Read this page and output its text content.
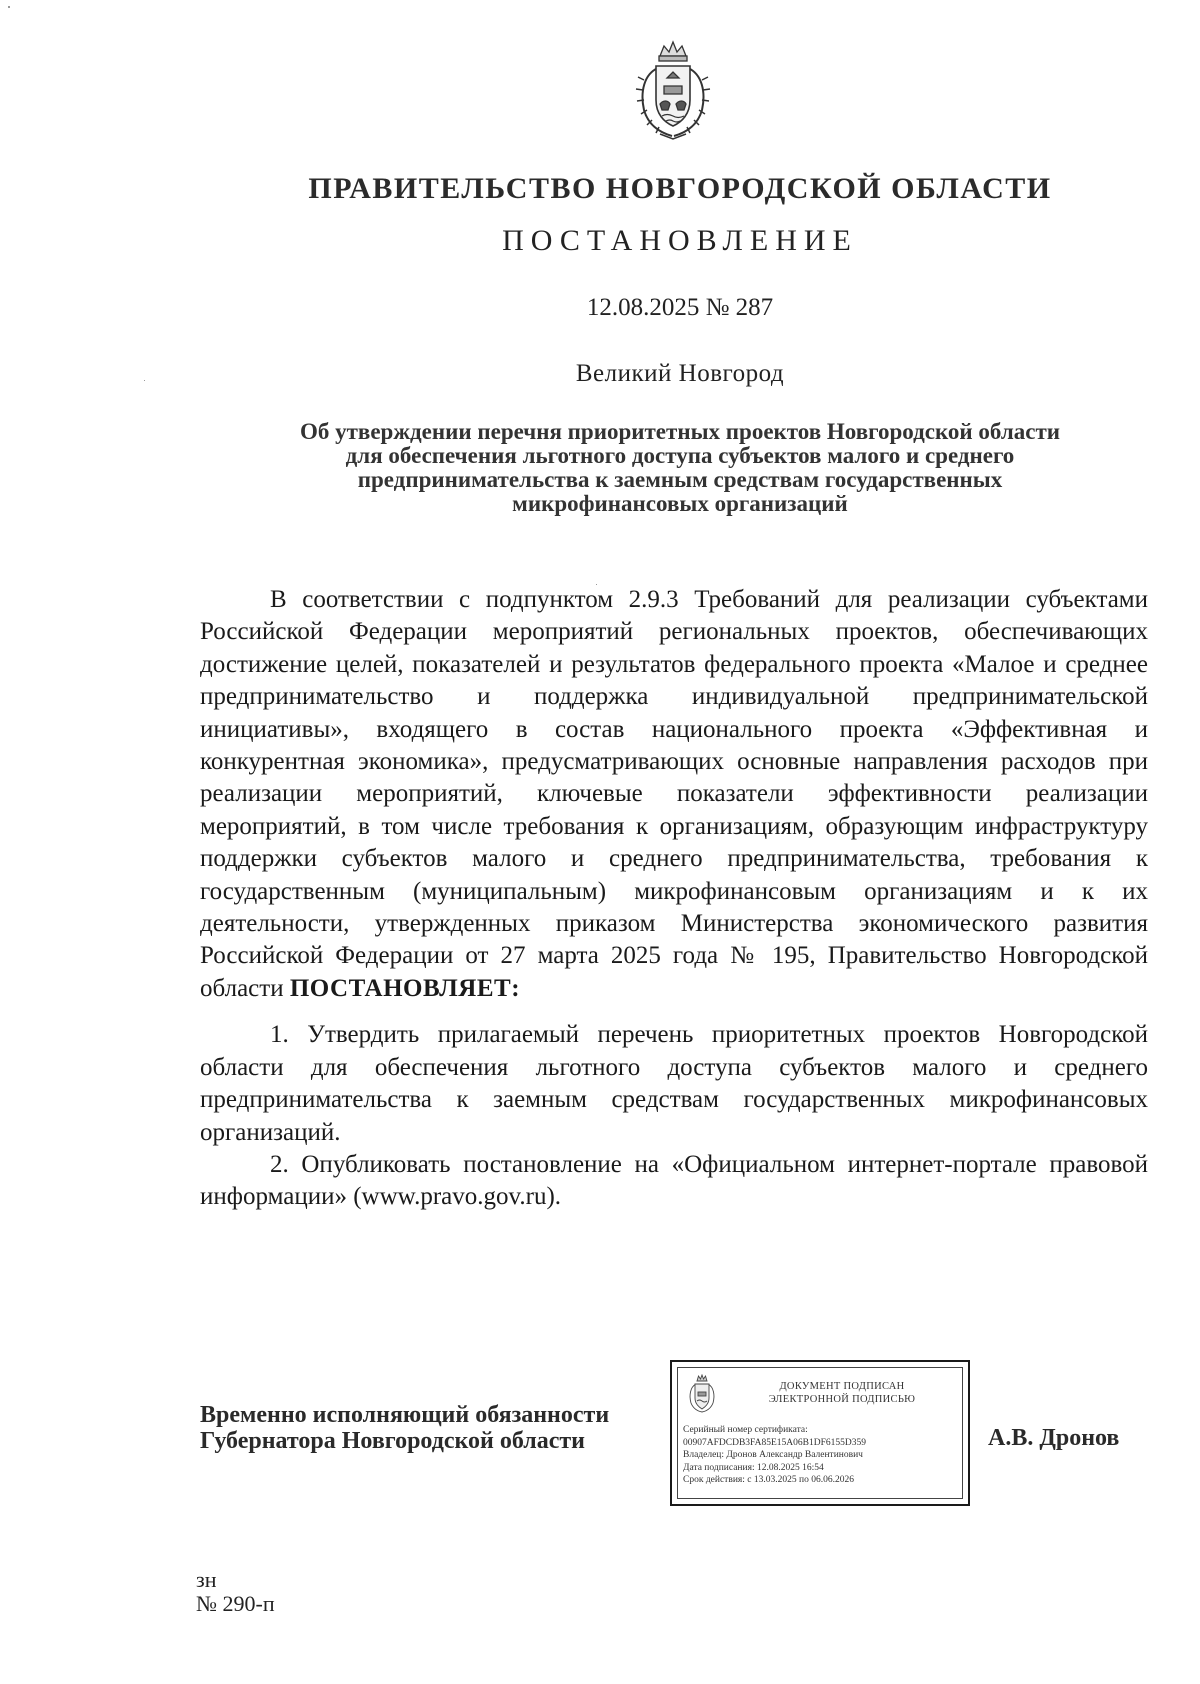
ПРАВИТЕЛЬСТВО НОВГОРОДСКОЙ ОБЛАСТИ
ПОСТАНОВЛЕНИЕ
12.08.2025 № 287
Великий Новгород
Об утверждении перечня приоритетных проектов Новгородской области
для обеспечения льготного доступа субъектов малого и среднего
предпринимательства к заемным средствам государственных
микрофинансовых организаций

В соответствии с подпунктом 2.9.3 Требований для реализации субъектами Российской Федерации мероприятий региональных проектов, обеспечивающих достижение целей, показателей и результатов федерального проекта «Малое и среднее предпринимательство и поддержка индивидуальной предпринимательской инициативы», входящего в состав национального проекта «Эффективная и конкурентная экономика», предусматривающих основные направления расходов при реализации мероприятий, ключевые показатели эффективности реализации мероприятий, в том числе требования к организациям, образующим инфраструктуру поддержки субъектов малого и среднего предпринимательства, требования к государственным (муниципальным) микрофинансовым организациям и к их деятельности, утвержденных приказом Министерства экономического развития Российской Федерации от 27 марта 2025 года № 195, Правительство Новгородской области ПОСТАНОВЛЯЕТ:

1. Утвердить прилагаемый перечень приоритетных проектов Новгородской области для обеспечения льготного доступа субъектов малого и среднего предпринимательства к заемным средствам государственных микрофинансовых организаций.

2. Опубликовать постановление на «Официальном интернет-портале правовой информации» (www.pravo.gov.ru).

Временно исполняющий обязанности
Губернатора Новгородской области
ДОКУМЕНТ ПОДПИСАН
ЭЛЕКТРОННОЙ ПОДПИСЬЮ
Серийный номер сертификата:
00907AFDCDB3FA85E15A06B1DF6155D359
Владелец: Дронов Александр Валентинович
Дата подписания: 12.08.2025 16:54
Срок действия: с 13.03.2025 по 06.06.2026
А.В. Дронов
зн
№ 290-п
